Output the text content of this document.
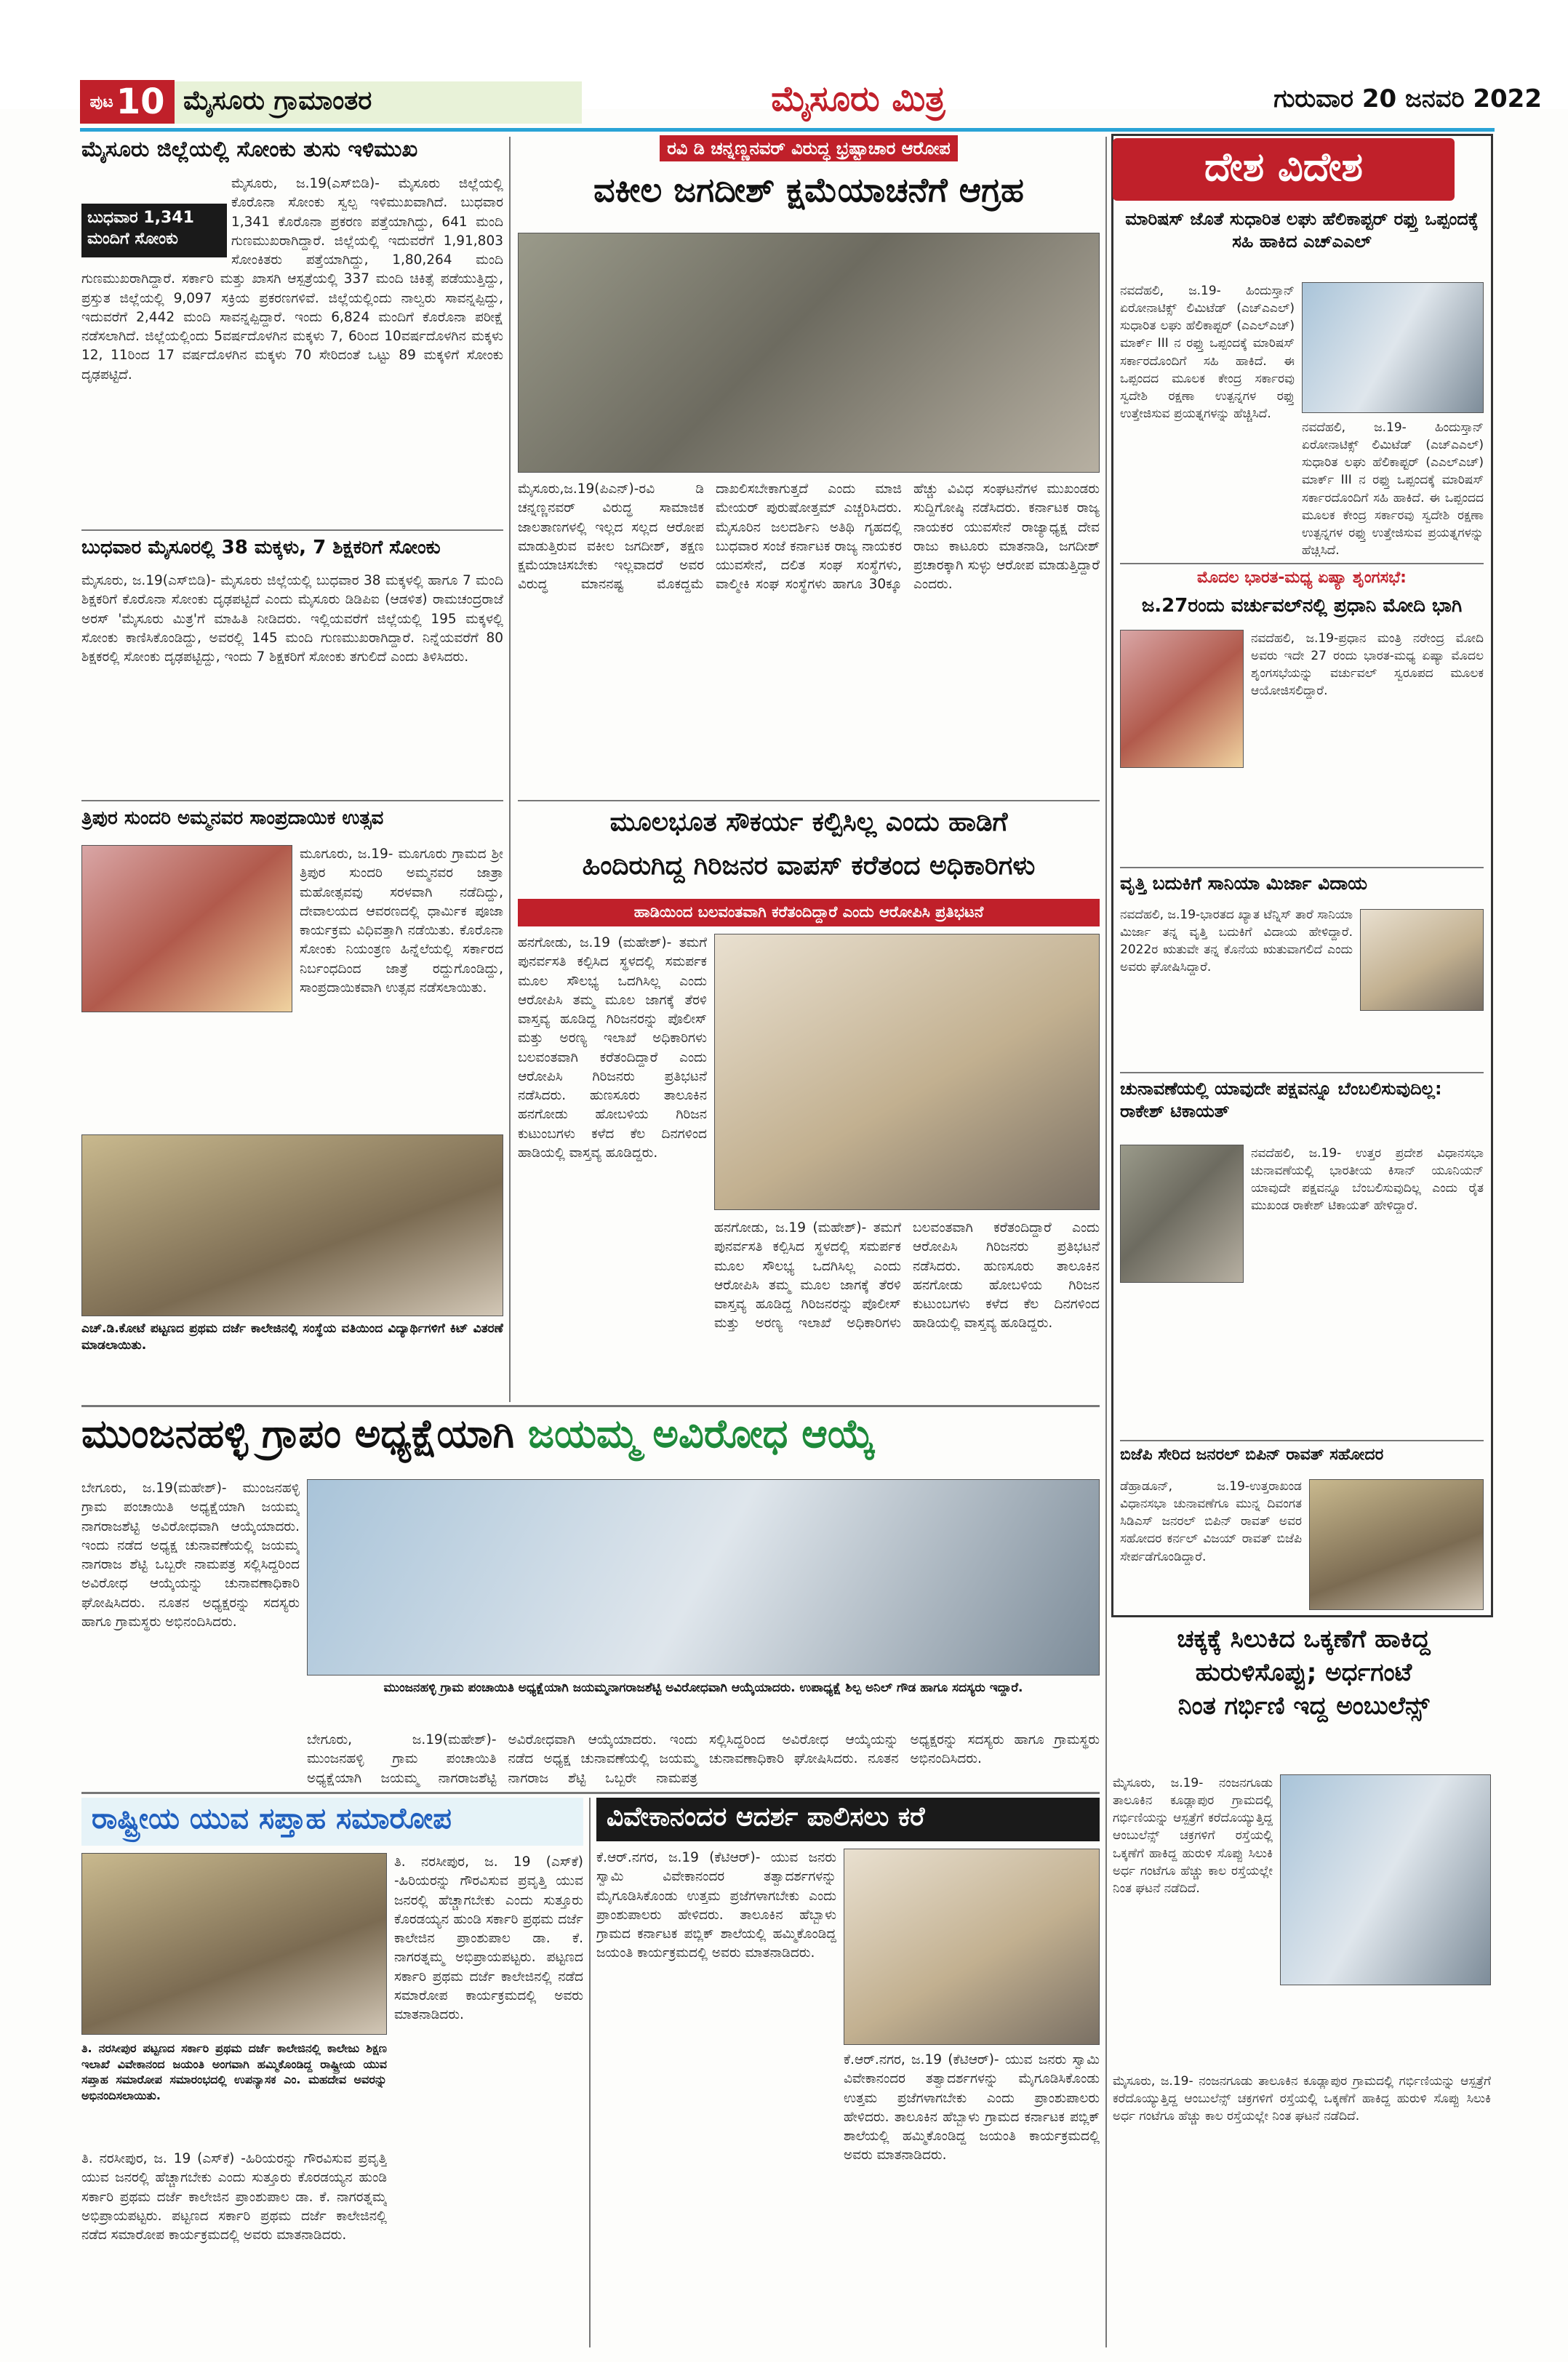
ಪುಟ 10 ಮೈಸೂರು ಗ್ರಾಮಾಂತರ	ಮೈಸೂರು ಮಿತ್ರ	ಗುರುವಾರ 20 ಜನವರಿ 2022
ಮೈಸೂರು ಜಿಲ್ಲೆಯಲ್ಲಿ ಸೋಂಕು ತುಸು ಇಳಿಮುಖ
ಬುಧವಾರ 1,341 ಮಂದಿಗೆ ಸೋಂಕು
ಮೈಸೂರು, ಜ.19(ಎಸ್‌ಬಿಡಿ)- ಮೈಸೂರು ಜಿಲ್ಲೆಯಲ್ಲಿ ಕೊರೊನಾ ಸೋಂಕು ಸ್ವಲ್ಪ ಇಳಿಮುಖವಾಗಿದೆ. ಬುಧವಾರ 1,341 ಕೊರೊನಾ ಪ್ರಕರಣ ಪತ್ತೆಯಾಗಿದ್ದು, 641 ಮಂದಿ ಗುಣಮುಖರಾಗಿದ್ದಾರೆ. ಜಿಲ್ಲೆಯಲ್ಲಿ ಇದುವರೆಗೆ 1,91,803 ಸೋಂಕಿತರು ಪತ್ತೆಯಾಗಿದ್ದು, 1,80,264 ಮಂದಿ ಗುಣಮುಖರಾಗಿದ್ದಾರೆ. ಸರ್ಕಾರಿ ಮತ್ತು ಖಾಸಗಿ ಆಸ್ಪತ್ರೆಯಲ್ಲಿ 337 ಮಂದಿ ಚಿಕಿತ್ಸೆ ಪಡೆಯುತ್ತಿದ್ದು, ಪ್ರಸ್ತುತ ಜಿಲ್ಲೆಯಲ್ಲಿ 9,097 ಸಕ್ರಿಯ ಪ್ರಕರಣಗಳಿವೆ. ಜಿಲ್ಲೆಯಲ್ಲಿಂದು ನಾಲ್ವರು ಸಾವನ್ನಪ್ಪಿದ್ದು, ಇದುವರೆಗೆ 2,442 ಮಂದಿ ಸಾವನ್ನಪ್ಪಿದ್ದಾರೆ. ಇಂದು 6,824 ಮಂದಿಗೆ ಕೊರೊನಾ ಪರೀಕ್ಷೆ ನಡೆಸಲಾಗಿದೆ. ಜಿಲ್ಲೆಯಲ್ಲಿಂದು 5ವರ್ಷದೊಳಗಿನ ಮಕ್ಕಳು 7, 6ರಿಂದ 10ವರ್ಷದೊಳಗಿನ ಮಕ್ಕಳು 12, 11ರಿಂದ 17 ವರ್ಷದೊಳಗಿನ ಮಕ್ಕಳು 70 ಸೇರಿದಂತೆ ಒಟ್ಟು 89 ಮಕ್ಕಳಿಗೆ ಸೋಂಕು ದೃಢಪಟ್ಟಿದೆ.
ಬುಧವಾರ ಮೈಸೂರಲ್ಲಿ 38 ಮಕ್ಕಳು, 7 ಶಿಕ್ಷಕರಿಗೆ ಸೋಂಕು
ಮೈಸೂರು, ಜ.19(ಎಸ್‌ಬಿಡಿ)- ಮೈಸೂರು ಜಿಲ್ಲೆಯಲ್ಲಿ ಬುಧವಾರ 38 ಮಕ್ಕಳಲ್ಲಿ ಹಾಗೂ 7 ಮಂದಿ ಶಿಕ್ಷಕರಿಗೆ ಕೊರೊನಾ ಸೋಂಕು ದೃಢಪಟ್ಟಿದೆ ಎಂದು ಮೈಸೂರು ಡಿಡಿಪಿಐ (ಆಡಳಿತ) ರಾಮಚಂದ್ರರಾಜೆ ಅರಸ್ 'ಮೈಸೂರು ಮಿತ್ರ'ಗೆ ಮಾಹಿತಿ ನೀಡಿದರು. ಇಲ್ಲಿಯವರೆಗೆ ಜಿಲ್ಲೆಯಲ್ಲಿ 195 ಮಕ್ಕಳಲ್ಲಿ ಸೋಂಕು ಕಾಣಿಸಿಕೊಂಡಿದ್ದು, ಅವರಲ್ಲಿ 145 ಮಂದಿ ಗುಣಮುಖರಾಗಿದ್ದಾರೆ. ನಿನ್ನೆಯವರೆಗೆ 80 ಶಿಕ್ಷಕರಲ್ಲಿ ಸೋಂಕು ದೃಢಪಟ್ಟಿದ್ದು, ಇಂದು 7 ಶಿಕ್ಷಕರಿಗೆ ಸೋಂಕು ತಗುಲಿದೆ ಎಂದು ತಿಳಿಸಿದರು.
ತ್ರಿಪುರ ಸುಂದರಿ ಅಮ್ಮನವರ ಸಾಂಪ್ರದಾಯಿಕ ಉತ್ಸವ
ಮೂಗೂರು, ಜ.19- ಮೂಗೂರು ಗ್ರಾಮದ ಶ್ರೀ ತ್ರಿಪುರ ಸುಂದರಿ ಅಮ್ಮನವರ ಜಾತ್ರಾ ಮಹೋತ್ಸವವು ಸರಳವಾಗಿ ನಡೆದಿದ್ದು, ದೇವಾಲಯದ ಆವರಣದಲ್ಲಿ ಧಾರ್ಮಿಕ ಪೂಜಾ ಕಾರ್ಯಕ್ರಮ ವಿಧಿವತ್ತಾಗಿ ನಡೆಯಿತು. ಕೊರೊನಾ ಸೋಂಕು ನಿಯಂತ್ರಣ ಹಿನ್ನೆಲೆಯಲ್ಲಿ ಸರ್ಕಾರದ ನಿರ್ಬಂಧದಿಂದ ಜಾತ್ರೆ ರದ್ದುಗೊಂಡಿದ್ದು, ಸಾಂಪ್ರದಾಯಿಕವಾಗಿ ಉತ್ಸವ ನಡೆಸಲಾಯಿತು.
ಎಚ್.ಡಿ.ಕೋಟೆ ಪಟ್ಟಣದ ಪ್ರಥಮ ದರ್ಜೆ ಕಾಲೇಜಿನಲ್ಲಿ ಸಂಸ್ಥೆಯ ವತಿಯಿಂದ ವಿದ್ಯಾರ್ಥಿಗಳಿಗೆ ಕಿಟ್ ವಿತರಣೆ ಮಾಡಲಾಯಿತು.
ರವಿ ಡಿ ಚನ್ನಣ್ಣನವರ್ ವಿರುದ್ಧ ಭ್ರಷ್ಟಾಚಾರ ಆರೋಪ
ವಕೀಲ ಜಗದೀಶ್ ಕ್ಷಮೆಯಾಚನೆಗೆ ಆಗ್ರಹ
ಮೈಸೂರು,ಜ.19(ಪಿಎನ್)-ರವಿ ಡಿ ಚನ್ನಣ್ಣನವರ್ ವಿರುದ್ಧ ಸಾಮಾಜಿಕ ಜಾಲತಾಣಗಳಲ್ಲಿ ಇಲ್ಲದ ಸಲ್ಲದ ಆರೋಪ ಮಾಡುತ್ತಿರುವ ವಕೀಲ ಜಗದೀಶ್, ತಕ್ಷಣ ಕ್ಷಮೆಯಾಚಿಸಬೇಕು ಇಲ್ಲವಾದರೆ ಅವರ ವಿರುದ್ಧ ಮಾನನಷ್ಟ ಮೊಕದ್ದಮೆ ದಾಖಲಿಸಬೇಕಾಗುತ್ತದೆ ಎಂದು ಮಾಜಿ ಮೇಯರ್ ಪುರುಷೋತ್ತಮ್ ಎಚ್ಚರಿಸಿದರು. ಮೈಸೂರಿನ ಜಲದರ್ಶಿನಿ ಅತಿಥಿ ಗೃಹದಲ್ಲಿ ಬುಧವಾರ ಸಂಜೆ ಕರ್ನಾಟಕ ರಾಜ್ಯ ನಾಯಕರ ಯುವಸೇನೆ, ದಲಿತ ಸಂಘ ಸಂಸ್ಥೆಗಳು, ವಾಲ್ಮೀಕಿ ಸಂಘ ಸಂಸ್ಥೆಗಳು ಹಾಗೂ 30ಕ್ಕೂ ಹೆಚ್ಚು ವಿವಿಧ ಸಂಘಟನೆಗಳ ಮುಖಂಡರು ಸುದ್ದಿಗೋಷ್ಠಿ ನಡೆಸಿದರು. ಕರ್ನಾಟಕ ರಾಜ್ಯ ನಾಯಕರ ಯುವಸೇನೆ ರಾಜ್ಯಾಧ್ಯಕ್ಷ ದೇವ ರಾಜು ಕಾಟೂರು ಮಾತನಾಡಿ, ಜಗದೀಶ್ ಪ್ರಚಾರಕ್ಕಾಗಿ ಸುಳ್ಳು ಆರೋಪ ಮಾಡುತ್ತಿದ್ದಾರೆ ಎಂದರು.
ಮೂಲಭೂತ ಸೌಕರ್ಯ ಕಲ್ಪಿಸಿಲ್ಲ ಎಂದು ಹಾಡಿಗೆ
ಹಿಂದಿರುಗಿದ್ದ ಗಿರಿಜನರ ವಾಪಸ್ ಕರೆತಂದ ಅಧಿಕಾರಿಗಳು
ಹಾಡಿಯಿಂದ ಬಲವಂತವಾಗಿ ಕರೆತಂದಿದ್ದಾರೆ ಎಂದು ಆರೋಪಿಸಿ ಪ್ರತಿಭಟನೆ
ಹನಗೋಡು, ಜ.19 (ಮಹೇಶ್)- ತಮಗೆ ಪುನರ್ವಸತಿ ಕಲ್ಪಿಸಿದ ಸ್ಥಳದಲ್ಲಿ ಸಮರ್ಪಕ ಮೂಲ ಸೌಲಭ್ಯ ಒದಗಿಸಿಲ್ಲ ಎಂದು ಆರೋಪಿಸಿ ತಮ್ಮ ಮೂಲ ಜಾಗಕ್ಕೆ ತೆರಳಿ ವಾಸ್ತವ್ಯ ಹೂಡಿದ್ದ ಗಿರಿಜನರನ್ನು ಪೊಲೀಸ್ ಮತ್ತು ಅರಣ್ಯ ಇಲಾಖೆ ಅಧಿಕಾರಿಗಳು ಬಲವಂತವಾಗಿ ಕರೆತಂದಿದ್ದಾರೆ ಎಂದು ಆರೋಪಿಸಿ ಗಿರಿಜನರು ಪ್ರತಿಭಟನೆ ನಡೆಸಿದರು. ಹುಣಸೂರು ತಾಲೂಕಿನ ಹನಗೋಡು ಹೋಬಳಿಯ ಗಿರಿಜನ ಕುಟುಂಬಗಳು ಕಳೆದ ಕೆಲ ದಿನಗಳಿಂದ ಹಾಡಿಯಲ್ಲಿ ವಾಸ್ತವ್ಯ ಹೂಡಿದ್ದರು.
ಹನಗೋಡು, ಜ.19 (ಮಹೇಶ್)- ತಮಗೆ ಪುನರ್ವಸತಿ ಕಲ್ಪಿಸಿದ ಸ್ಥಳದಲ್ಲಿ ಸಮರ್ಪಕ ಮೂಲ ಸೌಲಭ್ಯ ಒದಗಿಸಿಲ್ಲ ಎಂದು ಆರೋಪಿಸಿ ತಮ್ಮ ಮೂಲ ಜಾಗಕ್ಕೆ ತೆರಳಿ ವಾಸ್ತವ್ಯ ಹೂಡಿದ್ದ ಗಿರಿಜನರನ್ನು ಪೊಲೀಸ್ ಮತ್ತು ಅರಣ್ಯ ಇಲಾಖೆ ಅಧಿಕಾರಿಗಳು ಬಲವಂತವಾಗಿ ಕರೆತಂದಿದ್ದಾರೆ ಎಂದು ಆರೋಪಿಸಿ ಗಿರಿಜನರು ಪ್ರತಿಭಟನೆ ನಡೆಸಿದರು. ಹುಣಸೂರು ತಾಲೂಕಿನ ಹನಗೋಡು ಹೋಬಳಿಯ ಗಿರಿಜನ ಕುಟುಂಬಗಳು ಕಳೆದ ಕೆಲ ದಿನಗಳಿಂದ ಹಾಡಿಯಲ್ಲಿ ವಾಸ್ತವ್ಯ ಹೂಡಿದ್ದರು.
ಮುಂಜನಹಳ್ಳಿ ಗ್ರಾಪಂ ಅಧ್ಯಕ್ಷೆಯಾಗಿ ಜಯಮ್ಮ ಅವಿರೋಧ ಆಯ್ಕೆ
ಬೇಗೂರು, ಜ.19(ಮಹೇಶ್)- ಮುಂಜನಹಳ್ಳಿ ಗ್ರಾಮ ಪಂಚಾಯಿತಿ ಅಧ್ಯಕ್ಷೆಯಾಗಿ ಜಯಮ್ಮ ನಾಗರಾಜಶೆಟ್ಟಿ ಅವಿರೋಧವಾಗಿ ಆಯ್ಕೆಯಾದರು. ಇಂದು ನಡೆದ ಅಧ್ಯಕ್ಷ ಚುನಾವಣೆಯಲ್ಲಿ ಜಯಮ್ಮ ನಾಗರಾಜ ಶೆಟ್ಟಿ ಒಬ್ಬರೇ ನಾಮಪತ್ರ ಸಲ್ಲಿಸಿದ್ದರಿಂದ ಅವಿರೋಧ ಆಯ್ಕೆಯನ್ನು ಚುನಾವಣಾಧಿಕಾರಿ ಘೋಷಿಸಿದರು. ನೂತನ ಅಧ್ಯಕ್ಷರನ್ನು ಸದಸ್ಯರು ಹಾಗೂ ಗ್ರಾಮಸ್ಥರು ಅಭಿನಂದಿಸಿದರು.
ಮುಂಜನಹಳ್ಳಿ ಗ್ರಾಮ ಪಂಚಾಯಿತಿ ಅಧ್ಯಕ್ಷೆಯಾಗಿ ಜಯಮ್ಮನಾಗರಾಜಶೆಟ್ಟಿ ಅವಿರೋಧವಾಗಿ ಆಯ್ಕೆಯಾದರು. ಉಪಾಧ್ಯಕ್ಷೆ ಶಿಲ್ಪ ಅನಿಲ್ ಗೌಡ ಹಾಗೂ ಸದಸ್ಯರು ಇದ್ದಾರೆ.
ಬೇಗೂರು, ಜ.19(ಮಹೇಶ್)- ಮುಂಜನಹಳ್ಳಿ ಗ್ರಾಮ ಪಂಚಾಯಿತಿ ಅಧ್ಯಕ್ಷೆಯಾಗಿ ಜಯಮ್ಮ ನಾಗರಾಜಶೆಟ್ಟಿ ಅವಿರೋಧವಾಗಿ ಆಯ್ಕೆಯಾದರು. ಇಂದು ನಡೆದ ಅಧ್ಯಕ್ಷ ಚುನಾವಣೆಯಲ್ಲಿ ಜಯಮ್ಮ ನಾಗರಾಜ ಶೆಟ್ಟಿ ಒಬ್ಬರೇ ನಾಮಪತ್ರ ಸಲ್ಲಿಸಿದ್ದರಿಂದ ಅವಿರೋಧ ಆಯ್ಕೆಯನ್ನು ಚುನಾವಣಾಧಿಕಾರಿ ಘೋಷಿಸಿದರು. ನೂತನ ಅಧ್ಯಕ್ಷರನ್ನು ಸದಸ್ಯರು ಹಾಗೂ ಗ್ರಾಮಸ್ಥರು ಅಭಿನಂದಿಸಿದರು.
ರಾಷ್ಟ್ರೀಯ ಯುವ ಸಪ್ತಾಹ ಸಮಾರೋಪ
ತಿ. ನರಸೀಪುರ ಪಟ್ಟಣದ ಸರ್ಕಾರಿ ಪ್ರಥಮ ದರ್ಜೆ ಕಾಲೇಜಿನಲ್ಲಿ ಕಾಲೇಜು ಶಿಕ್ಷಣ ಇಲಾಖೆ ವಿವೇಕಾನಂದ ಜಯಂತಿ ಅಂಗವಾಗಿ ಹಮ್ಮಿಕೊಂಡಿದ್ದ ರಾಷ್ಟ್ರೀಯ ಯುವ ಸಪ್ತಾಹ ಸಮಾರೋಪ ಸಮಾರಂಭದಲ್ಲಿ ಉಪನ್ಯಾಸಕ ಎಂ. ಮಹದೇವ ಅವರನ್ನು ಅಭಿನಂದಿಸಲಾಯಿತು.
ತಿ. ನರಸೀಪುರ, ಜ. 19 (ಎಸ್‌ಕೆ) -ಹಿರಿಯರನ್ನು ಗೌರವಿಸುವ ಪ್ರವೃತ್ತಿ ಯುವ ಜನರಲ್ಲಿ ಹೆಚ್ಚಾಗಬೇಕು ಎಂದು ಸುತ್ತೂರು ಕೊರಡಯ್ಯನ ಹುಂಡಿ ಸರ್ಕಾರಿ ಪ್ರಥಮ ದರ್ಜೆ ಕಾಲೇಜಿನ ಪ್ರಾಂಶುಪಾಲ ಡಾ. ಕೆ. ನಾಗರತ್ನಮ್ಮ ಅಭಿಪ್ರಾಯಪಟ್ಟರು. ಪಟ್ಟಣದ ಸರ್ಕಾರಿ ಪ್ರಥಮ ದರ್ಜೆ ಕಾಲೇಜಿನಲ್ಲಿ ನಡೆದ ಸಮಾರೋಪ ಕಾರ್ಯಕ್ರಮದಲ್ಲಿ ಅವರು ಮಾತನಾಡಿದರು.
ತಿ. ನರಸೀಪುರ, ಜ. 19 (ಎಸ್‌ಕೆ) -ಹಿರಿಯರನ್ನು ಗೌರವಿಸುವ ಪ್ರವೃತ್ತಿ ಯುವ ಜನರಲ್ಲಿ ಹೆಚ್ಚಾಗಬೇಕು ಎಂದು ಸುತ್ತೂರು ಕೊರಡಯ್ಯನ ಹುಂಡಿ ಸರ್ಕಾರಿ ಪ್ರಥಮ ದರ್ಜೆ ಕಾಲೇಜಿನ ಪ್ರಾಂಶುಪಾಲ ಡಾ. ಕೆ. ನಾಗರತ್ನಮ್ಮ ಅಭಿಪ್ರಾಯಪಟ್ಟರು. ಪಟ್ಟಣದ ಸರ್ಕಾರಿ ಪ್ರಥಮ ದರ್ಜೆ ಕಾಲೇಜಿನಲ್ಲಿ ನಡೆದ ಸಮಾರೋಪ ಕಾರ್ಯಕ್ರಮದಲ್ಲಿ ಅವರು ಮಾತನಾಡಿದರು.
ವಿವೇಕಾನಂದರ ಆದರ್ಶ ಪಾಲಿಸಲು ಕರೆ
ಕೆ.ಆರ್.ನಗರ, ಜ.19 (ಕೆಟಿಆರ್)- ಯುವ ಜನರು ಸ್ವಾಮಿ ವಿವೇಕಾನಂದರ ತತ್ವಾದರ್ಶಗಳನ್ನು ಮೈಗೂಡಿಸಿಕೊಂಡು ಉತ್ತಮ ಪ್ರಜೆಗಳಾಗಬೇಕು ಎಂದು ಪ್ರಾಂಶುಪಾಲರು ಹೇಳಿದರು. ತಾಲೂಕಿನ ಹೆಬ್ಬಾಳು ಗ್ರಾಮದ ಕರ್ನಾಟಕ ಪಬ್ಲಿಕ್ ಶಾಲೆಯಲ್ಲಿ ಹಮ್ಮಿಕೊಂಡಿದ್ದ ಜಯಂತಿ ಕಾರ್ಯಕ್ರಮದಲ್ಲಿ ಅವರು ಮಾತನಾಡಿದರು.
ಕೆ.ಆರ್.ನಗರ, ಜ.19 (ಕೆಟಿಆರ್)- ಯುವ ಜನರು ಸ್ವಾಮಿ ವಿವೇಕಾನಂದರ ತತ್ವಾದರ್ಶಗಳನ್ನು ಮೈಗೂಡಿಸಿಕೊಂಡು ಉತ್ತಮ ಪ್ರಜೆಗಳಾಗಬೇಕು ಎಂದು ಪ್ರಾಂಶುಪಾಲರು ಹೇಳಿದರು. ತಾಲೂಕಿನ ಹೆಬ್ಬಾಳು ಗ್ರಾಮದ ಕರ್ನಾಟಕ ಪಬ್ಲಿಕ್ ಶಾಲೆಯಲ್ಲಿ ಹಮ್ಮಿಕೊಂಡಿದ್ದ ಜಯಂತಿ ಕಾರ್ಯಕ್ರಮದಲ್ಲಿ ಅವರು ಮಾತನಾಡಿದರು.
ದೇಶ ವಿದೇಶ
ಮಾರಿಷಸ್ ಜೊತೆ ಸುಧಾರಿತ ಲಘು ಹೆಲಿಕಾಪ್ಟರ್ ರಫ್ತು ಒಪ್ಪಂದಕ್ಕೆ ಸಹಿ ಹಾಕಿದ ಎಚ್‌ಎಎಲ್
ನವದೆಹಲಿ, ಜ.19- ಹಿಂದುಸ್ತಾನ್ ಏರೋನಾಟಿಕ್ಸ್ ಲಿಮಿಟೆಡ್ (ಎಚ್‌ಎಎಲ್) ಸುಧಾರಿತ ಲಘು ಹೆಲಿಕಾಪ್ಟರ್ (ಎಎಲ್‌ಎಚ್) ಮಾರ್ಕ್ III ನ ರಫ್ತು ಒಪ್ಪಂದಕ್ಕೆ ಮಾರಿಷಸ್ ಸರ್ಕಾರದೊಂದಿಗೆ ಸಹಿ ಹಾಕಿದೆ. ಈ ಒಪ್ಪಂದದ ಮೂಲಕ ಕೇಂದ್ರ ಸರ್ಕಾರವು ಸ್ವದೇಶಿ ರಕ್ಷಣಾ ಉತ್ಪನ್ನಗಳ ರಫ್ತು ಉತ್ತೇಜಿಸುವ ಪ್ರಯತ್ನಗಳನ್ನು ಹೆಚ್ಚಿಸಿದೆ.
ನವದೆಹಲಿ, ಜ.19- ಹಿಂದುಸ್ತಾನ್ ಏರೋನಾಟಿಕ್ಸ್ ಲಿಮಿಟೆಡ್ (ಎಚ್‌ಎಎಲ್) ಸುಧಾರಿತ ಲಘು ಹೆಲಿಕಾಪ್ಟರ್ (ಎಎಲ್‌ಎಚ್) ಮಾರ್ಕ್ III ನ ರಫ್ತು ಒಪ್ಪಂದಕ್ಕೆ ಮಾರಿಷಸ್ ಸರ್ಕಾರದೊಂದಿಗೆ ಸಹಿ ಹಾಕಿದೆ. ಈ ಒಪ್ಪಂದದ ಮೂಲಕ ಕೇಂದ್ರ ಸರ್ಕಾರವು ಸ್ವದೇಶಿ ರಕ್ಷಣಾ ಉತ್ಪನ್ನಗಳ ರಫ್ತು ಉತ್ತೇಜಿಸುವ ಪ್ರಯತ್ನಗಳನ್ನು ಹೆಚ್ಚಿಸಿದೆ.
ಮೊದಲ ಭಾರತ-ಮಧ್ಯ ಏಷ್ಯಾ ಶೃಂಗಸಭೆ:
ಜ.27ರಂದು ವರ್ಚುವಲ್‌ನಲ್ಲಿ ಪ್ರಧಾನಿ ಮೋದಿ ಭಾಗಿ
ನವದೆಹಲಿ, ಜ.19-ಪ್ರಧಾನ ಮಂತ್ರಿ ನರೇಂದ್ರ ಮೋದಿ ಅವರು ಇದೇ 27 ರಂದು ಭಾರತ-ಮಧ್ಯ ಏಷ್ಯಾ ಮೊದಲ ಶೃಂಗಸಭೆಯನ್ನು ವರ್ಚುವಲ್ ಸ್ವರೂಪದ ಮೂಲಕ ಆಯೋಜಿಸಲಿದ್ದಾರೆ.
ವೃತ್ತಿ ಬದುಕಿಗೆ ಸಾನಿಯಾ ಮಿರ್ಜಾ ವಿದಾಯ
ನವದೆಹಲಿ, ಜ.19-ಭಾರತದ ಖ್ಯಾತ ಟೆನ್ನಿಸ್ ತಾರೆ ಸಾನಿಯಾ ಮಿರ್ಜಾ ತನ್ನ ವೃತ್ತಿ ಬದುಕಿಗೆ ವಿದಾಯ ಹೇಳಿದ್ದಾರೆ. 2022ರ ಋತುವೇ ತನ್ನ ಕೊನೆಯ ಋತುವಾಗಲಿದೆ ಎಂದು ಅವರು ಘೋಷಿಸಿದ್ದಾರೆ.
ಚುನಾವಣೆಯಲ್ಲಿ ಯಾವುದೇ ಪಕ್ಷವನ್ನೂ ಬೆಂಬಲಿಸುವುದಿಲ್ಲ: ರಾಕೇಶ್ ಟಿಕಾಯತ್
ನವದೆಹಲಿ, ಜ.19- ಉತ್ತರ ಪ್ರದೇಶ ವಿಧಾನಸಭಾ ಚುನಾವಣೆಯಲ್ಲಿ ಭಾರತೀಯ ಕಿಸಾನ್ ಯೂನಿಯನ್ ಯಾವುದೇ ಪಕ್ಷವನ್ನೂ ಬೆಂಬಲಿಸುವುದಿಲ್ಲ ಎಂದು ರೈತ ಮುಖಂಡ ರಾಕೇಶ್ ಟಿಕಾಯತ್ ಹೇಳಿದ್ದಾರೆ.
ಬಿಜೆಪಿ ಸೇರಿದ ಜನರಲ್ ಬಿಪಿನ್ ರಾವತ್ ಸಹೋದರ
ಡೆಹ್ರಾಡೂನ್, ಜ.19-ಉತ್ತರಾಖಂಡ ವಿಧಾನಸಭಾ ಚುನಾವಣೆಗೂ ಮುನ್ನ ದಿವಂಗತ ಸಿಡಿಎಸ್ ಜನರಲ್ ಬಿಪಿನ್ ರಾವತ್ ಅವರ ಸಹೋದರ ಕರ್ನಲ್ ವಿಜಯ್ ರಾವತ್ ಬಿಜೆಪಿ ಸೇರ್ಪಡೆಗೊಂಡಿದ್ದಾರೆ.
ಚಕ್ಕಕ್ಕೆ ಸಿಲುಕಿದ ಒಕ್ಕಣೆಗೆ ಹಾಕಿದ್ದ
ಹುರುಳಿಸೊಪ್ಪು; ಅರ್ಧಗಂಟೆ
ನಿಂತ ಗರ್ಭಿಣಿ ಇದ್ದ ಅಂಬುಲೆನ್ಸ್
ಮೈಸೂರು, ಜ.19- ನಂಜನಗೂಡು ತಾಲೂಕಿನ ಕೂಡ್ಲಾಪುರ ಗ್ರಾಮದಲ್ಲಿ ಗರ್ಭಿಣಿಯನ್ನು ಆಸ್ಪತ್ರೆಗೆ ಕರೆದೊಯ್ಯುತ್ತಿದ್ದ ಆಂಬುಲೆನ್ಸ್ ಚಕ್ರಗಳಿಗೆ ರಸ್ತೆಯಲ್ಲಿ ಒಕ್ಕಣೆಗೆ ಹಾಕಿದ್ದ ಹುರುಳಿ ಸೊಪ್ಪು ಸಿಲುಕಿ ಅರ್ಧ ಗಂಟೆಗೂ ಹೆಚ್ಚು ಕಾಲ ರಸ್ತೆಯಲ್ಲೇ ನಿಂತ ಘಟನೆ ನಡೆದಿದೆ.
ಮೈಸೂರು, ಜ.19- ನಂಜನಗೂಡು ತಾಲೂಕಿನ ಕೂಡ್ಲಾಪುರ ಗ್ರಾಮದಲ್ಲಿ ಗರ್ಭಿಣಿಯನ್ನು ಆಸ್ಪತ್ರೆಗೆ ಕರೆದೊಯ್ಯುತ್ತಿದ್ದ ಆಂಬುಲೆನ್ಸ್ ಚಕ್ರಗಳಿಗೆ ರಸ್ತೆಯಲ್ಲಿ ಒಕ್ಕಣೆಗೆ ಹಾಕಿದ್ದ ಹುರುಳಿ ಸೊಪ್ಪು ಸಿಲುಕಿ ಅರ್ಧ ಗಂಟೆಗೂ ಹೆಚ್ಚು ಕಾಲ ರಸ್ತೆಯಲ್ಲೇ ನಿಂತ ಘಟನೆ ನಡೆದಿದೆ.
